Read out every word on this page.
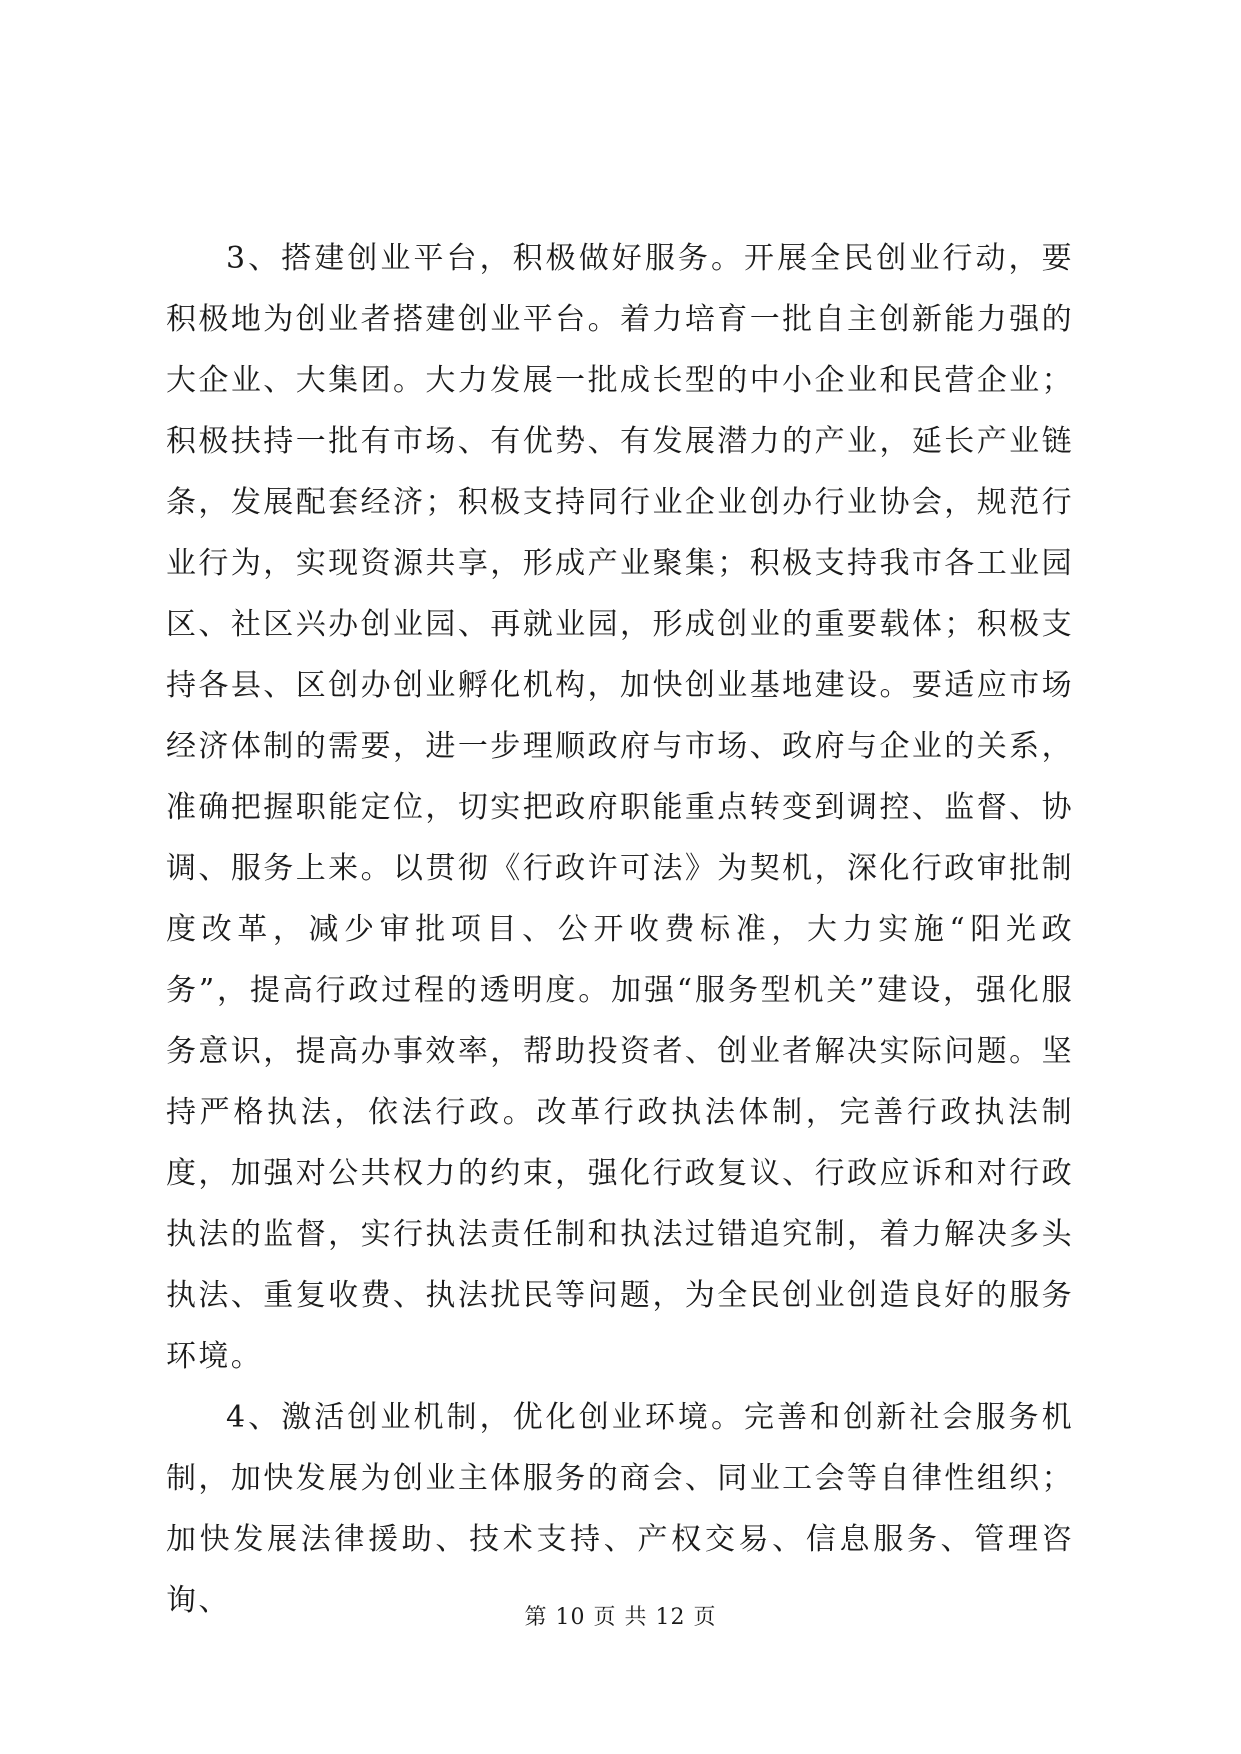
3、搭建创业平台，积极做好服务。开展全民创业行动，要积极地为创业者搭建创业平台。着力培育一批自主创新能力强的大企业、大集团。大力发展一批成长型的中小企业和民营企业；积极扶持一批有市场、有优势、有发展潜力的产业，延长产业链条，发展配套经济；积极支持同行业企业创办行业协会，规范行业行为，实现资源共享，形成产业聚集；积极支持我市各工业园区、社区兴办创业园、再就业园，形成创业的重要载体；积极支持各县、区创办创业孵化机构，加快创业基地建设。要适应市场经济体制的需要，进一步理顺政府与市场、政府与企业的关系，准确把握职能定位，切实把政府职能重点转变到调控、监督、协调、服务上来。以贯彻《行政许可法》为契机，深化行政审批制度改革，减少审批项目、公开收费标准，大力实施“阳光政务”，提高行政过程的透明度。加强“服务型机关”建设，强化服务意识，提高办事效率，帮助投资者、创业者解决实际问题。坚持严格执法，依法行政。改革行政执法体制，完善行政执法制度，加强对公共权力的约束，强化行政复议、行政应诉和对行政执法的监督，实行执法责任制和执法过错追究制，着力解决多头执法、重复收费、执法扰民等问题，为全民创业创造良好的服务环境。

4、激活创业机制，优化创业环境。完善和创新社会服务机制，加快发展为创业主体服务的商会、同业工会等自律性组织；加快发展法律援助、技术支持、产权交易、信息服务、管理咨询、	第 10 页 共 12 页
